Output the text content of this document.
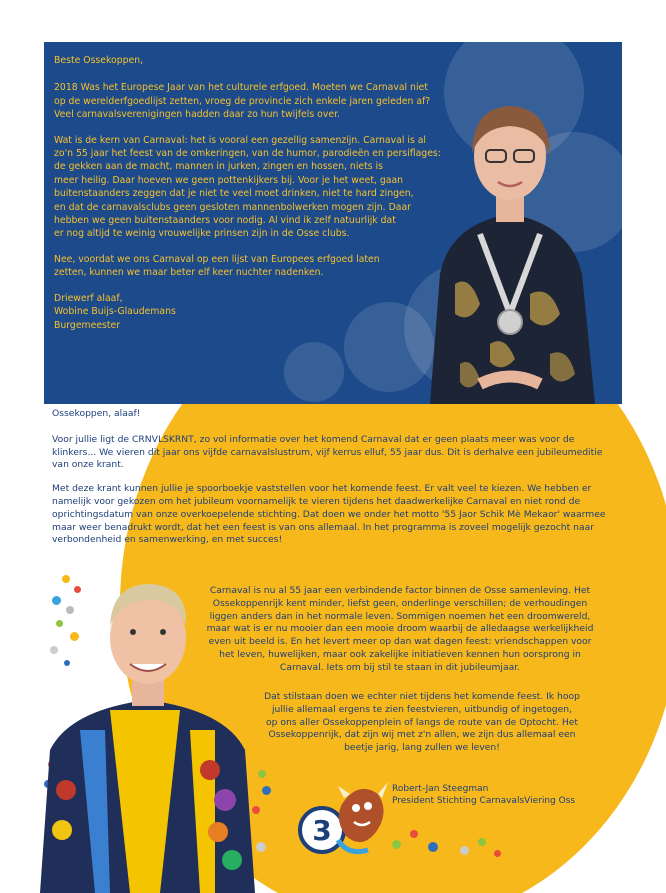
Beste Ossekoppen,

2018 Was het Europese Jaar van het culturele erfgoed. Moeten we Carnaval niet
op de werelderfgoedlijst zetten, vroeg de provincie zich enkele jaren geleden af?
Veel carnavalsverenigingen hadden daar zo hun twijfels over.

Wat is de kern van Carnaval: het is vooral een gezellig samenzijn. Carnaval is al
zo'n 55 jaar het feest van de omkeringen, van de humor, parodieën en persiflages:
de gekken aan de macht, mannen in jurken, zingen en hossen, niets is
meer heilig. Daar hoeven we geen pottenkijkers bij. Voor je het weet, gaan
buitenstaanders zeggen dat je niet te veel moet drinken, niet te hard zingen,
en dat de carnavalsclubs geen gesloten mannenbolwerken mogen zijn. Daar
hebben we geen buitenstaanders voor nodig. Al vind ik zelf natuurlijk dat
er nog altijd te weinig vrouwelijke prinsen zijn in de Osse clubs.

Nee, voordat we ons Carnaval op een lijst van Europees erfgoed laten
zetten, kunnen we maar beter elf keer nuchter nadenken.

Driewerf alaaf,

Wobine Buijs-Glaudemans

Burgemeester

Ossekoppen, alaaf!

Voor jullie ligt de CRNVLSKRNT, zo vol informatie over het komend Carnaval dat er geen plaats meer was voor de klinkers... We vieren dit jaar ons vijfde carnavalslustrum, vijf kerrus elluf, 55 jaar dus. Dit is derhalve een jubileumeditie van onze krant.

Met deze krant kunnen jullie je spoorboekje vaststellen voor het komende feest. Er valt veel te kiezen. We hebben er namelijk voor gekozen om het jubileum voornamelijk te vieren tijdens het daadwerkelijke Carnaval en niet rond de oprichtingsdatum van onze overkoepelende stichting. Dat doen we onder het motto '55 Jaor Schik Mè Mekaor' waarmee maar weer benadrukt wordt, dat het een feest is van ons allemaal. In het programma is zoveel mogelijk gezocht naar verbondenheid en samenwerking, en met succes!

Carnaval is nu al 55 jaar een verbindende factor binnen de Osse samenleving. Het
Ossekoppenrijk kent minder, liefst geen, onderlinge verschillen; de verhoudingen
liggen anders dan in het normale leven. Sommigen noemen het een droomwereld,
maar wat is er nu mooier dan een mooie droom waarbij de alledaagse werkelijkheid
even uit beeld is. En het levert meer op dan wat dagen feest: vriendschappen voor
het leven, huwelijken, maar ook zakelijke initiatieven kennen hun oorsprong in
Carnaval. Iets om bij stil te staan in dit jubileumjaar.
Dat stilstaan doen we echter niet tijdens het komende feest. Ik hoop
jullie allemaal ergens te zien feestvieren, uitbundig of ingetogen,
op ons aller Ossekoppenplein of langs de route van de Optocht. Het
Ossekoppenrijk, dat zijn wij met z'n allen, we zijn dus allemaal een
beetje jarig, lang zullen we leven!
Robert-Jan Steegman
President Stichting CarnavalsViering Oss
3
